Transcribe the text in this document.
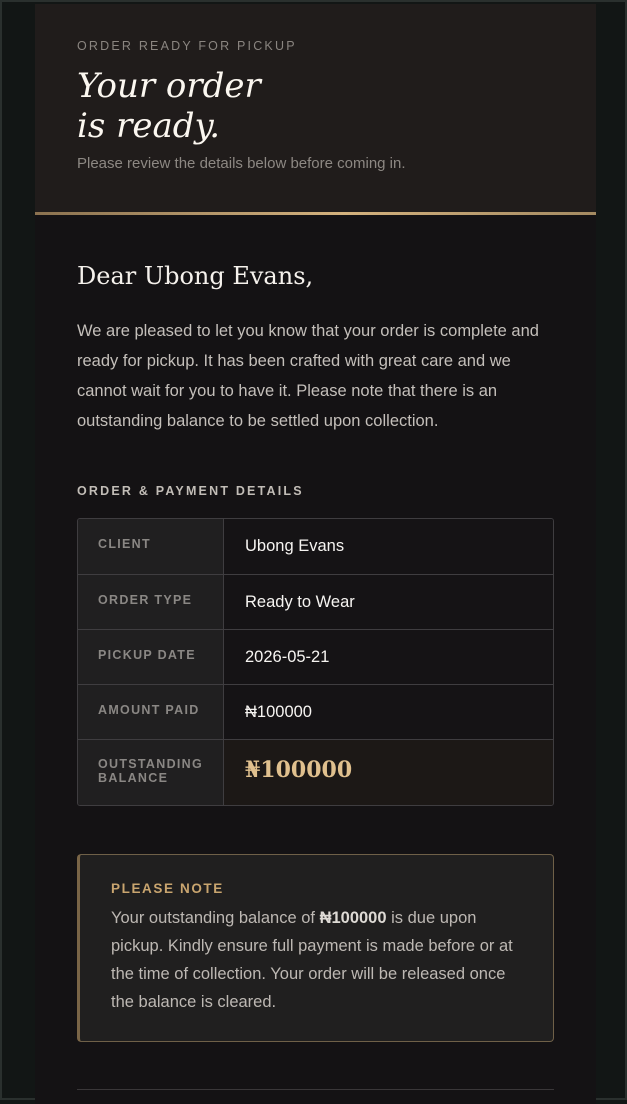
ORDER READY FOR PICKUP
Your order
is ready.
Please review the details below before coming in.
Dear Ubong Evans,
We are pleased to let you know that your order is complete and ready for pickup. It has been crafted with great care and we cannot wait for you to have it. Please note that there is an outstanding balance to be settled upon collection.
ORDER & PAYMENT DETAILS
CLIENT	Ubong Evans
ORDER TYPE	Ready to Wear
PICKUP DATE	2026-05-21
AMOUNT PAID	₦100000
OUTSTANDING
BALANCE	₦100000
PLEASE NOTE
Your outstanding balance of ₦100000 is due upon pickup. Kindly ensure full payment is made before or at the time of collection. Your order will be released once the balance is cleared.
